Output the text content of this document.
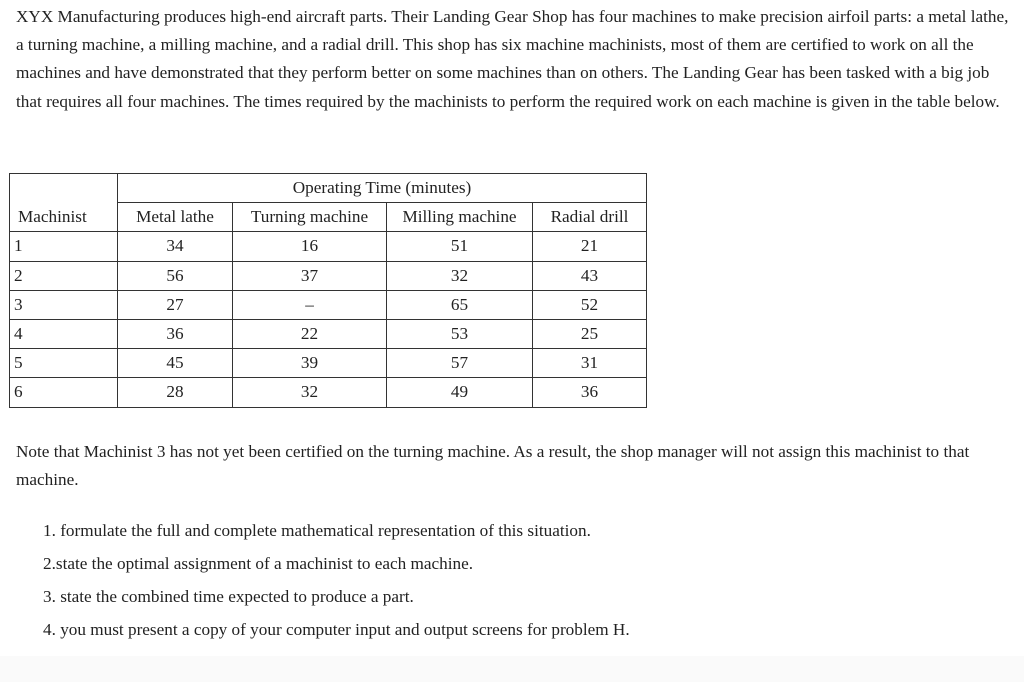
XYX Manufacturing produces high-end aircraft parts. Their Landing Gear Shop has four machines to make precision airfoil parts: a metal lathe, a turning machine, a milling machine, and a radial drill. This shop has six machine machinists, most of them are certified to work on all the machines and have demonstrated that they perform better on some machines than on others. The Landing Gear has been tasked with a big job that requires all four machines. The times required by the machinists to perform the required work on each machine is given in the table below.

	Operating Time (minutes)			
Machinist	Metal lathe	Turning machine	Milling machine	Radial drill
1	34	16	51	21
2	56	37	32	43
3	27	–	65	52
4	36	22	53	25
5	45	39	57	31
6	28	32	49	36

Note that Machinist 3 has not yet been certified on the turning machine. As a result, the shop manager will not assign this machinist to that machine.

1. formulate the full and complete mathematical representation of this situation.
2.state the optimal assignment of a machinist to each machine.
3. state the combined time expected to produce a part.
4. you must present a copy of your computer input and output screens for problem H.
